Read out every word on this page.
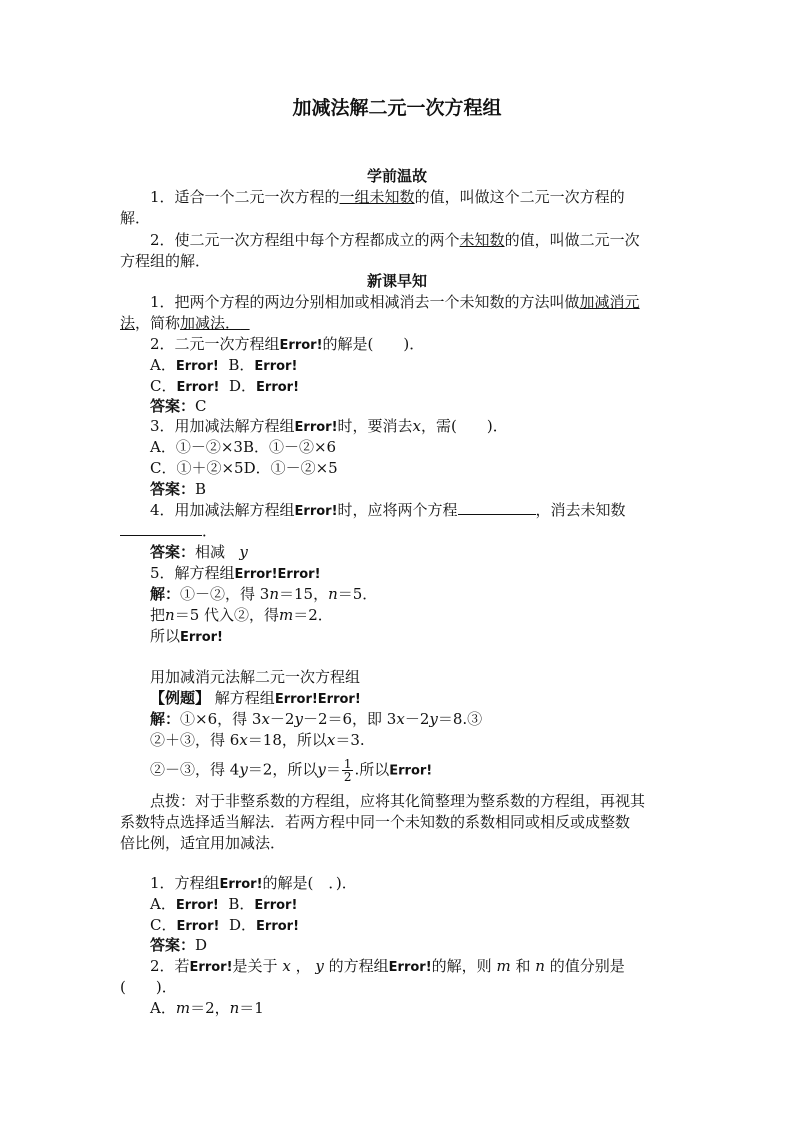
加减法解二元一次方程组
学前温故
1．适合一个二元一次方程的一组未知数的值，叫做这个二元一次方程的
解．
2．使二元一次方程组中每个方程都成立的两个未知数的值，叫做二元一次
方程组的解．
新课早知
1．把两个方程的两边分别相加或相减消去一个未知数的方法叫做加减消元
法，简称加减法．
2．二元一次方程组Error!的解是(　　)．
A．Error! B．Error!
C．Error! D．Error!
答案：C
3．用加减法解方程组Error!时，要消去x，需(　　)．
A．①－②×3B．①－②×6
C．①＋②×5D．①－②×5
答案：B
4．用加减法解方程组Error!时，应将两个方程	，消去未知数
．
答案：相减 y
5．解方程组Error!Error!
解：①－②，得 3n＝15，n＝5．
把n＝5 代入②，得m＝2．
所以Error!
用加减消元法解二元一次方程组
【例题】 解方程组Error!Error!
解：①×6，得 3x－2y－2＝6，即 3x－2y＝8.③
②＋③，得 6x＝18，所以x＝3.
②－③，得 4y＝2，所以$y= \frac{1}{2}$ .所以Error!
点拨：对于非整系数的方程组，应将其化简整理为整系数的方程组，再视其
系数特点选择适当解法．若两方程中同一个未知数的系数相同或相反或成整数
倍比例，适宜用加减法．
1．方程组Error!的解是(　．)．
A．Error! B．Error!
C．Error! D．Error!
答案：D
2．若Error!是关于 x ， y 的方程组Error!的解，则 m 和 n 的值分别是
(　　)．
A．m＝2，n＝1
